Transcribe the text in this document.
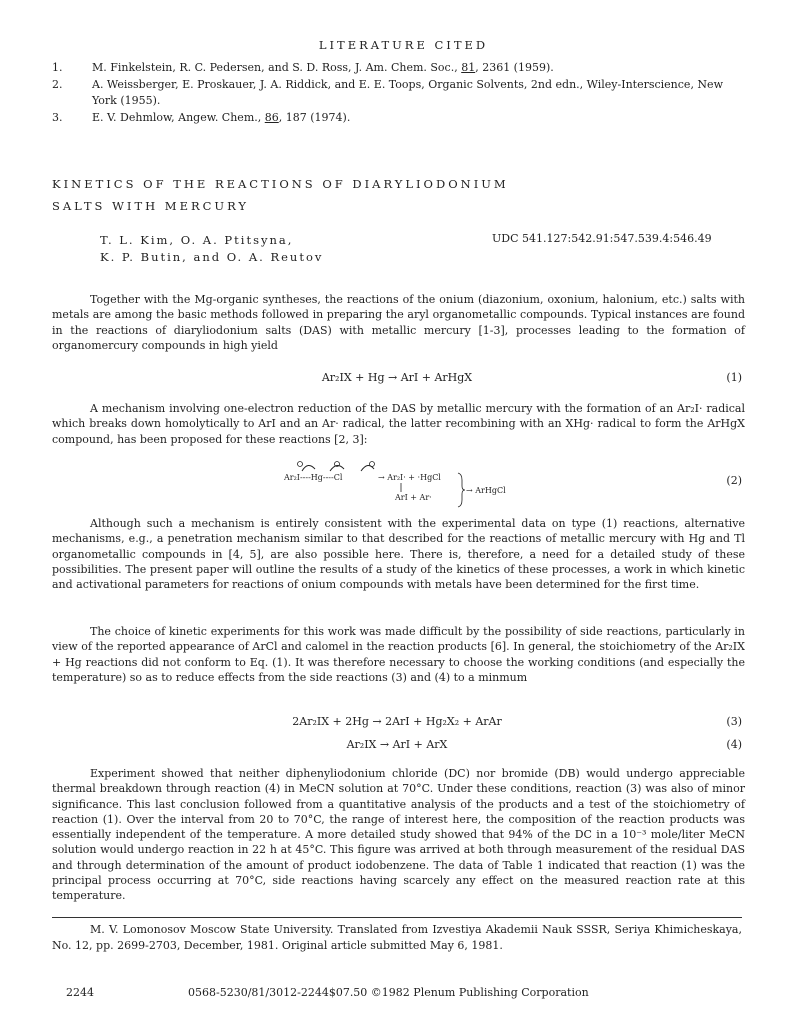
LITERATURE CITED
1.	M. Finkelstein, R. C. Pedersen, and S. D. Ross, J. Am. Chem. Soc., 81, 2361 (1959).
2.	A. Weissberger, E. Proskauer, J. A. Riddick, and E. E. Toops, Organic Solvents, 2nd edn., Wiley-Interscience, New York (1955).
3.	E. V. Dehmlow, Angew. Chem., 86, 187 (1974).
KINETICS OF THE REACTIONS OF DIARYLIODONIUM
SALTS WITH MERCURY
T. L. Kim, O. A. Ptitsyna,
K. P. Butin, and O. A. Reutov
UDC 541.127:542.91:547.539.4:546.49

Together with the Mg-organic syntheses, the reactions of the onium (diazonium, oxonium, halonium, etc.) salts with metals are among the basic methods followed in preparing the aryl organometallic compounds. Typical instances are found in the reactions of diaryliodonium salts (DAS) with metallic mercury [1-3], processes leading to the formation of organomercury compounds in high yield

Ar₂IX + Hg → ArI + ArHgX	(1)

A mechanism involving one-electron reduction of the DAS by metallic mercury with the formation of an Ar₂I· radical which breaks down homolytically to ArI and an Ar· radical, the latter recombining with an XHg· radical to form the ArHgX compound, has been proposed for these reactions [2, 3]:

Ar₂I----Hg----Cl	→ Ar₂I· + ·HgCl
ArI + Ar·
→ ArHgCl
(2)

Although such a mechanism is entirely consistent with the experimental data on type (1) reactions, alternative mechanisms, e.g., a penetration mechanism similar to that described for the reactions of metallic mercury with Hg and Tl organometallic compounds in [4, 5], are also possible here. There is, therefore, a need for a detailed study of these possibilities. The present paper will outline the results of a study of the kinetics of these processes, a work in which kinetic and activational parameters for reactions of onium compounds with metals have been determined for the first time.

The choice of kinetic experiments for this work was made difficult by the possibility of side reactions, particularly in view of the reported appearance of ArCl and calomel in the reaction products [6]. In general, the stoichiometry of the Ar₂IX + Hg reactions did not conform to Eq. (1). It was therefore necessary to choose the working conditions (and especially the temperature) so as to reduce effects from the side reactions (3) and (4) to a minmum

2Ar₂IX + 2Hg → 2ArI + Hg₂X₂ + ArAr	(3)
Ar₂IX → ArI + ArX	(4)

Experiment showed that neither diphenyliodonium chloride (DC) nor bromide (DB) would undergo appreciable thermal breakdown through reaction (4) in MeCN solution at 70°C. Under these conditions, reaction (3) was also of minor significance. This last conclusion followed from a quantitative analysis of the products and a test of the stoichiometry of reaction (1). Over the interval from 20 to 70°C, the range of interest here, the composition of the reaction products was essentially independent of the temperature. A more detailed study showed that 94% of the DC in a 10⁻³ mole/liter MeCN solution would undergo reaction in 22 h at 45°C. This figure was arrived at both through measurement of the residual DAS and through determination of the amount of product iodobenzene. The data of Table 1 indicated that reaction (1) was the principal process occurring at 70°C, side reactions having scarcely any effect on the measured reaction rate at this temperature.

M. V. Lomonosov Moscow State University. Translated from Izvestiya Akademii Nauk SSSR, Seriya Khimicheskaya, No. 12, pp. 2699-2703, December, 1981. Original article submitted May 6, 1981.

2244	0568-5230/81/3012-2244$07.50 ©1982 Plenum Publishing Corporation
